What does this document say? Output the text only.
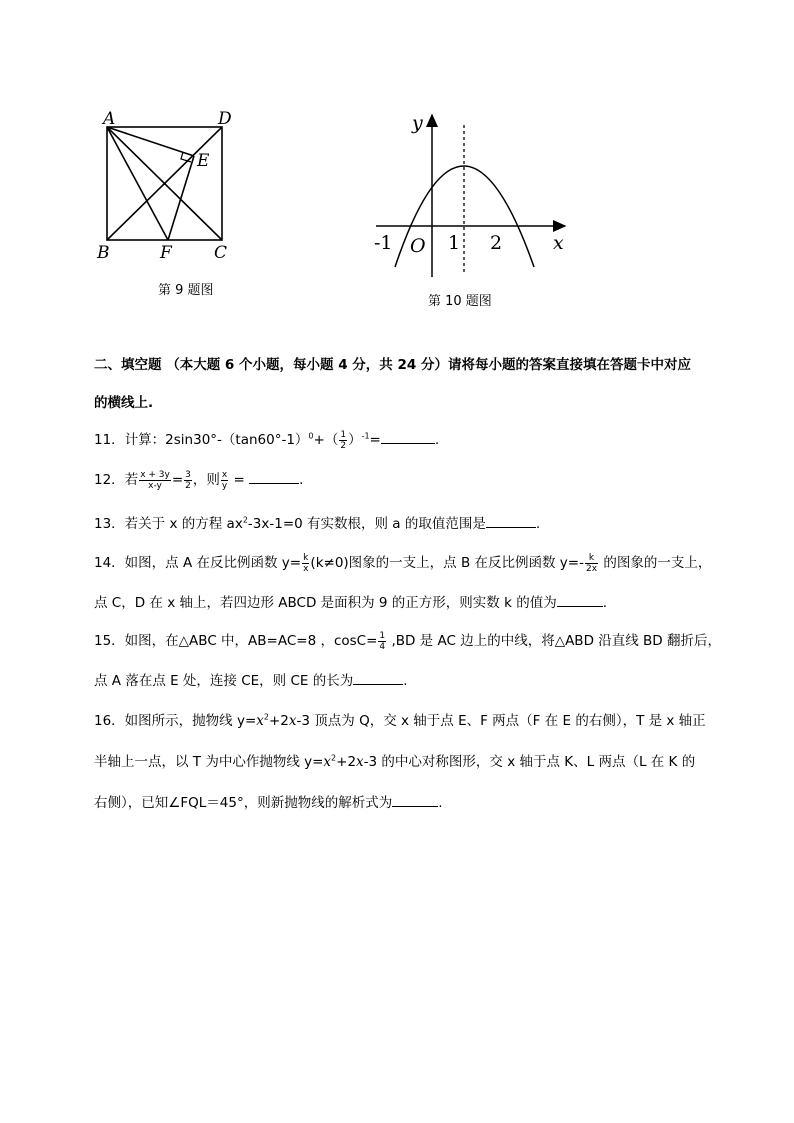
A	D
E
B	F C
第 9 题图
y
x
O
-1	1 2
第 10 题图
二、填空题 （本大题 6 个小题，每小题 4 分，共 24 分）请将每小题的答案直接填在答题卡中对应
的横线上.
11．计算：$2\sin 30^\circ-(\tan 60^\circ-1)^0+( \frac{1}{2} )^{-1}=$	.
12．若 $\frac{x + 3y}{x-y} = \frac{3}{2}$ ，则 $\frac{x}{y}$ =	.
13．若关于 x 的方程 $ax^2-3x-1=0$ 有实数根，则 a 的取值范围是	.
14．如图，点 A 在反比例函数 $y= \frac{k}{x} (k\ne 0)$图象的一支上，点 B 在反比例函数 $y=- \frac{k}{2x}$ 的图象的一支上，
点 C，D 在 x 轴上，若四边形 ABCD 是面积为 9 的正方形，则实数 k 的值为	.
15．如图，在△ABC 中，AB=AC=8 ，$\cos C= \frac{1}{4} ,BD$ 是 AC 边上的中线，将△ABD 沿直线 BD 翻折后，
点 A 落在点 E 处，连接 CE，则 CE 的长为	.
16．如图所示，抛物线 $y=x^2+2x-3$ 顶点为 Q，交 x 轴于点 E、F 两点（F 在 E 的右侧），T 是 x 轴正
半轴上一点，以 T 为中心作抛物线 $y=x^2+2x-3$ 的中心对称图形，交 x 轴于点 K、L 两点（L 在 K 的
右侧），已知∠FQL＝45°，则新抛物线的解析式为	.
